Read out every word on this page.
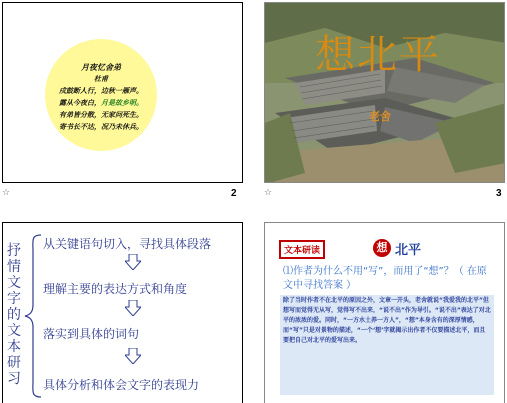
月夜忆舍弟
杜甫
戍鼓断人行，边秋一雁声。
露从今夜白，月是故乡明。
有弟皆分散，无家问死生。
寄书长不达，况乃未休兵。
☆	2
想北平
老舍
☆	3
抒情文字的文本研习
从关键语句切入，寻找具体段落
理解主要的表达方式和角度
落实到具体的词句
具体分析和体会文字的表现力
文本研读	想 北平
⑴作者为什么不用“写”，而用了“想”？（ 在原文中寻找答案 ）
除了当时作者不在北平的原因之外，文章一开头，老舍就说“我爱我的北平”但想写而觉得无从写，觉得写不出来，“说不出”作为导引。“说不出”表达了对北平的浓浓的爱。同时，“一方水土养一方人”，“想”本身含有的深厚情感，而“写”只是对景物的描述，“一个‘想’字就揭示出作者不仅要描述北平，而且要把自己对北平的爱写出来。
